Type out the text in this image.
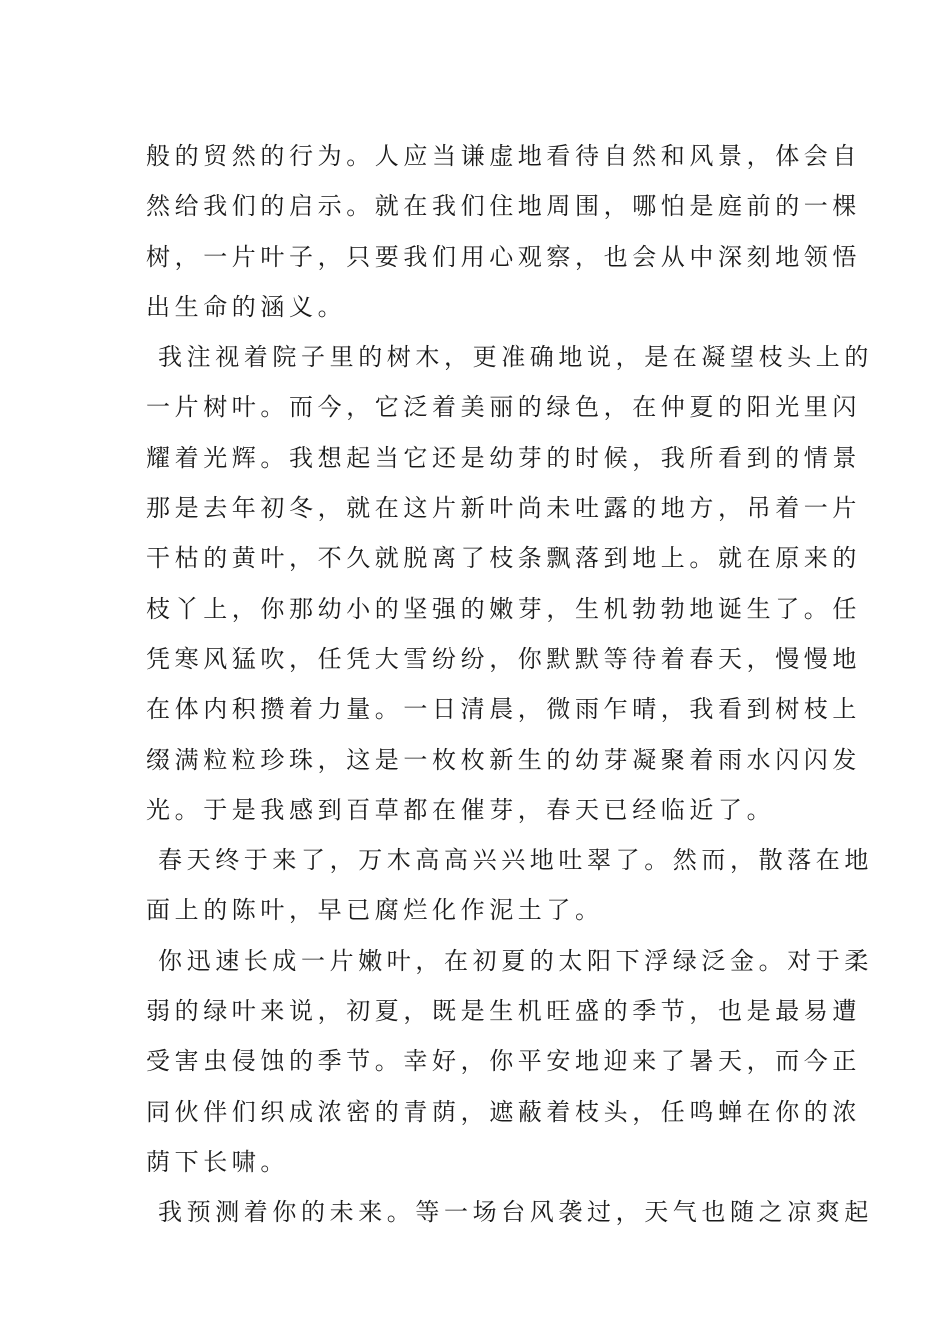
般的贸然的行为。人应当谦虚地看待自然和风景，体会自
然给我们的启示。就在我们住地周围，哪怕是庭前的一棵
树，一片叶子，只要我们用心观察，也会从中深刻地领悟
出生命的涵义。
我注视着院子里的树木，更准确地说，是在凝望枝头上的
一片树叶。而今，它泛着美丽的绿色，在仲夏的阳光里闪
耀着光辉。我想起当它还是幼芽的时候，我所看到的情景
那是去年初冬，就在这片新叶尚未吐露的地方，吊着一片
干枯的黄叶，不久就脱离了枝条飘落到地上。就在原来的
枝丫上，你那幼小的坚强的嫩芽，生机勃勃地诞生了。任
凭寒风猛吹，任凭大雪纷纷，你默默等待着春天，慢慢地
在体内积攒着力量。一日清晨，微雨乍晴，我看到树枝上
缀满粒粒珍珠，这是一枚枚新生的幼芽凝聚着雨水闪闪发
光。于是我感到百草都在催芽，春天已经临近了。
春天终于来了，万木高高兴兴地吐翠了。然而，散落在地
面上的陈叶，早已腐烂化作泥土了。
你迅速长成一片嫩叶，在初夏的太阳下浮绿泛金。对于柔
弱的绿叶来说，初夏，既是生机旺盛的季节，也是最易遭
受害虫侵蚀的季节。幸好，你平安地迎来了暑天，而今正
同伙伴们织成浓密的青荫，遮蔽着枝头，任鸣蝉在你的浓
荫下长啸。
我预测着你的未来。等一场台风袭过，天气也随之凉爽起
